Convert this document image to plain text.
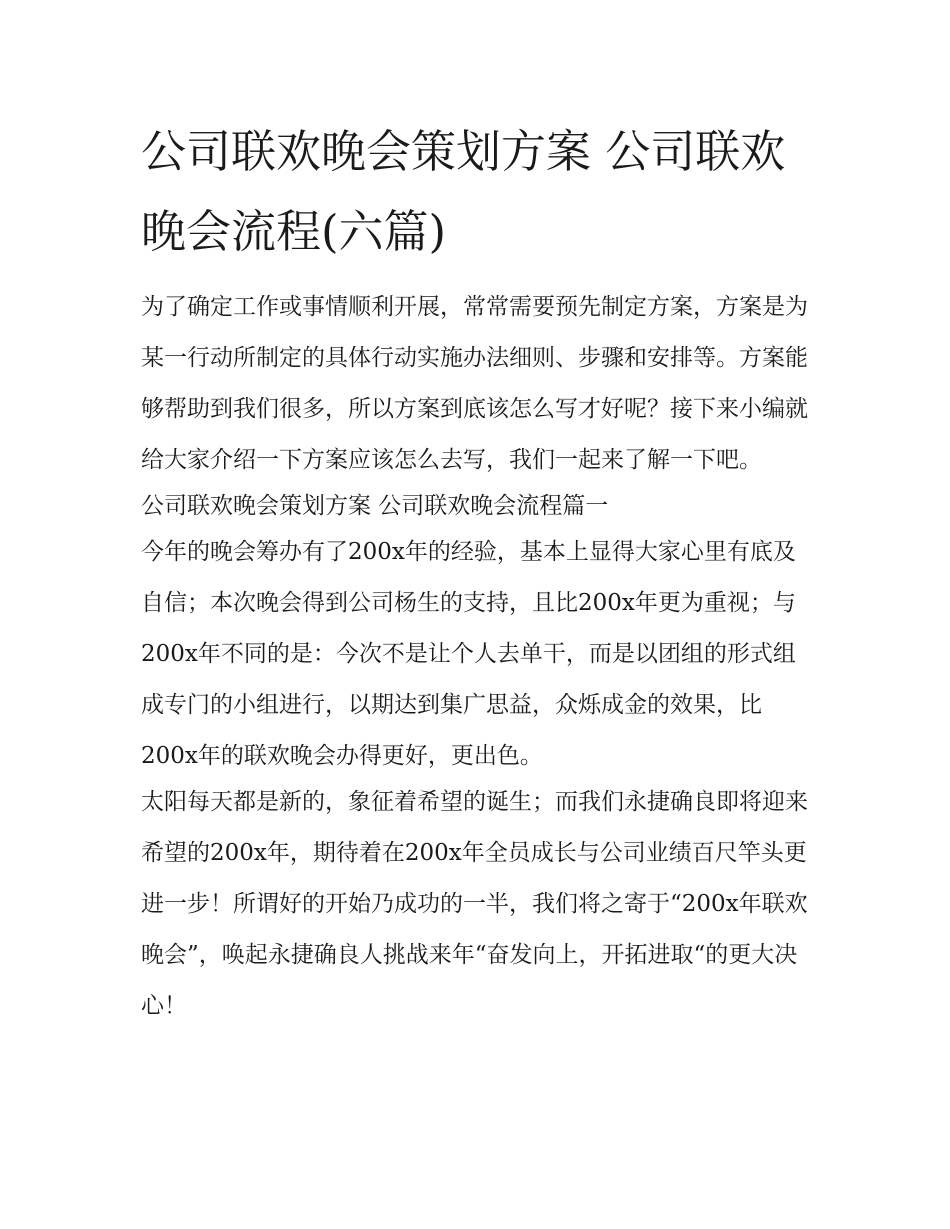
公司联欢晚会策划方案 公司联欢晚会流程(六篇)

为了确定工作或事情顺利开展，常常需要预先制定方案，方案是为某一行动所制定的具体行动实施办法细则、步骤和安排等。方案能够帮助到我们很多，所以方案到底该怎么写才好呢？接下来小编就给大家介绍一下方案应该怎么去写，我们一起来了解一下吧。

公司联欢晚会策划方案 公司联欢晚会流程篇一

今年的晚会筹办有了200x年的经验，基本上显得大家心里有底及自信；本次晚会得到公司杨生的支持，且比200x年更为重视；与200x年不同的是：今次不是让个人去单干，而是以团组的形式组成专门的小组进行，以期达到集广思益，众烁成金的效果，比200x年的联欢晚会办得更好，更出色。

太阳每天都是新的，象征着希望的诞生；而我们永捷确良即将迎来希望的200x年，期待着在200x年全员成长与公司业绩百尺竿头更进一步！所谓好的开始乃成功的一半，我们将之寄于“200x年联欢晚会”，唤起永捷确良人挑战来年“奋发向上，开拓进取“的更大决心！
